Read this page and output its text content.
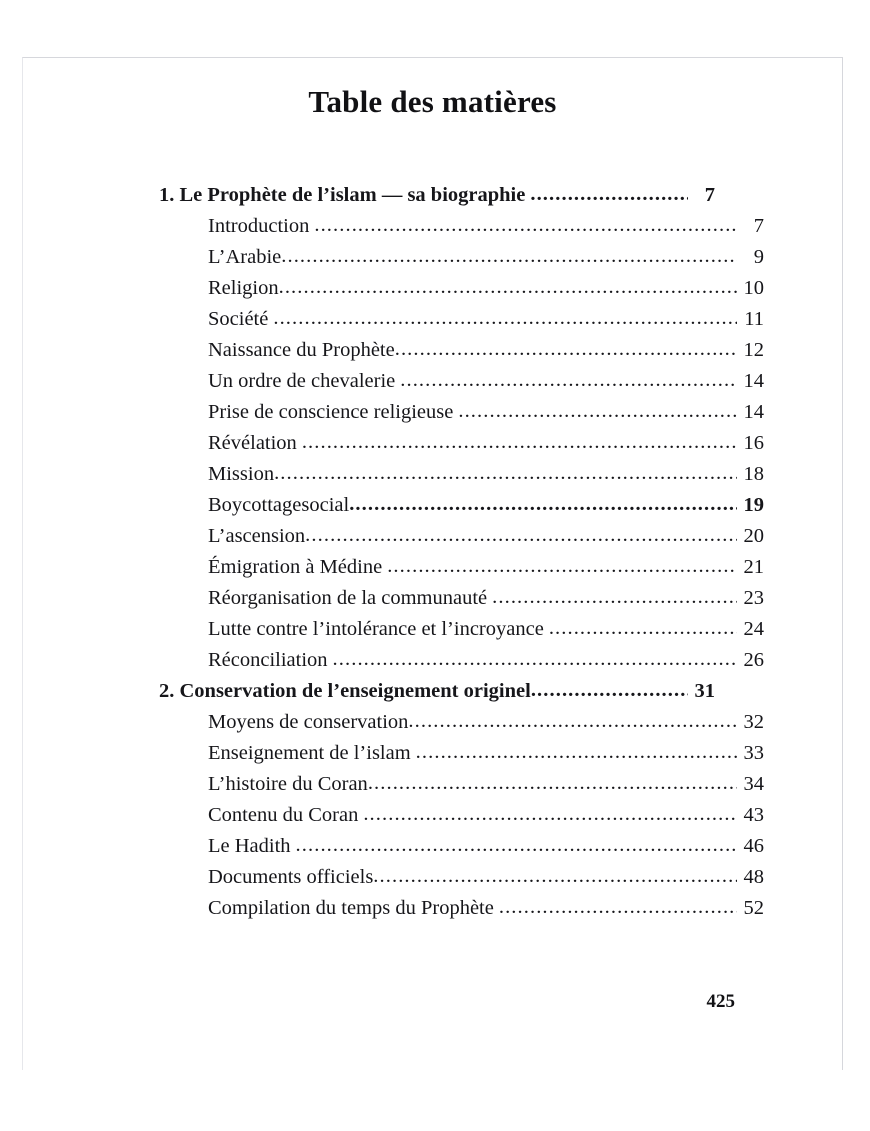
Table des matières
1. Le Prophète de l’islam — sa biographie .....	7
Introduction .....	7
L’Arabie .....	9
Religion .....	10
Société .....	11
Naissance du Prophète .....	12
Un ordre de chevalerie .....	14
Prise de conscience religieuse .....	14
Révélation .....	16
Mission .....	18
Boycottage social .....	19
L’ascension .....	20
Émigration à Médine .....	21
Réorganisation de la communauté .....	23
Lutte contre l’intolérance et l’incroyance .....	24
Réconciliation .....	26
2. Conservation de l’enseignement originel .....	31
Moyens de conservation .....	32
Enseignement de l’islam .....	33
L’histoire du Coran .....	34
Contenu du Coran .....	43
Le Hadith .....	46
Documents officiels .....	48
Compilation du temps du Prophète .....	52
425
